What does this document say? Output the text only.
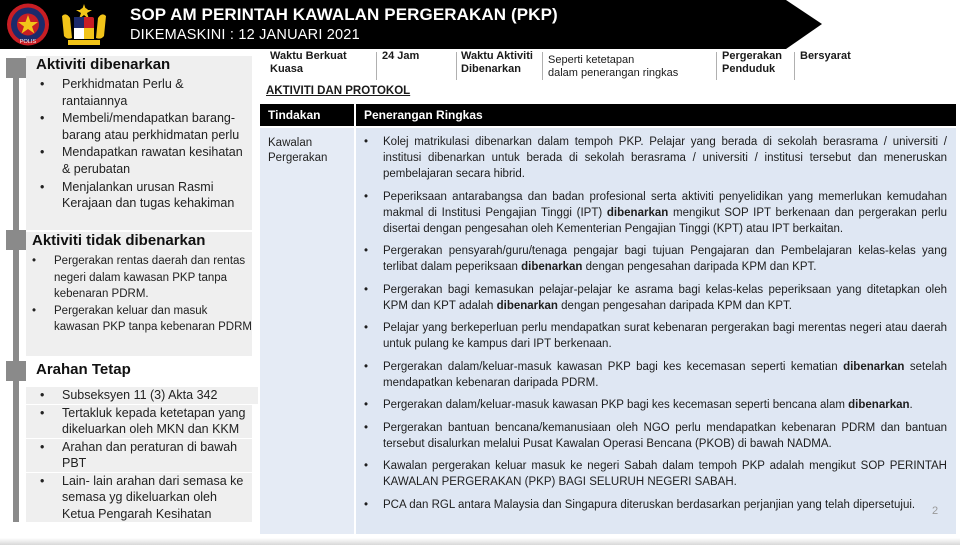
POLIS
SOP AM PERINTAH KAWALAN PERGERAKAN (PKP)
DIKEMASKINI : 12 JANUARI 2021
Aktiviti dibenarkan
• Perkhidmatan Perlu & rantaiannya
• Membeli/mendapatkan barang-barang atau perkhidmatan perlu
• Mendapatkan rawatan kesihatan & perubatan
• Menjalankan urusan Rasmi Kerajaan dan tugas kehakiman
Aktiviti tidak dibenarkan
• Pergerakan rentas daerah dan rentas negeri dalam kawasan PKP tanpa kebenaran PDRM.
• Pergerakan keluar dan masuk kawasan PKP tanpa kebenaran PDRM
Arahan Tetap
• Subseksyen 11 (3) Akta 342
• Tertakluk kepada ketetapan yang dikeluarkan oleh MKN dan KKM
• Arahan dan peraturan di bawah PBT
• Lain- lain arahan dari semasa ke semasa yg dikeluarkan oleh Ketua Pengarah Kesihatan
Waktu Berkuat
Kuasa
24 Jam	Waktu Aktiviti
Dibenarkan
Seperti ketetapan
dalam penerangan ringkas
Pergerakan
Penduduk
Bersyarat
AKTIVITI DAN PROTOKOL
Tindakan	Penerangan Ringkas
Kawalan
Pergerakan
• Kolej matrikulasi dibenarkan dalam tempoh PKP. Pelajar yang berada di sekolah berasrama / universiti / institusi dibenarkan untuk berada di sekolah berasrama / universiti / institusi tersebut dan meneruskan pembelajaran secara hibrid.
• Peperiksaan antarabangsa dan badan profesional serta aktiviti penyelidikan yang memerlukan kemudahan makmal di Institusi Pengajian Tinggi (IPT) dibenarkan mengikut SOP IPT berkenaan dan pergerakan perlu disertai dengan pengesahan oleh Kementerian Pengajian Tinggi (KPT) atau IPT berkaitan.
• Pergerakan pensyarah/guru/tenaga pengajar bagi tujuan Pengajaran dan Pembelajaran kelas-kelas yang terlibat dalam peperiksaan dibenarkan dengan pengesahan daripada KPM dan KPT.
• Pergerakan bagi kemasukan pelajar-pelajar ke asrama bagi kelas-kelas peperiksaan yang ditetapkan oleh KPM dan KPT adalah dibenarkan dengan pengesahan daripada KPM dan KPT.
• Pelajar yang berkeperluan perlu mendapatkan surat kebenaran pergerakan bagi merentas negeri atau daerah untuk pulang ke kampus dari IPT berkenaan.
• Pergerakan dalam/keluar-masuk kawasan PKP bagi kes kecemasan seperti kematian dibenarkan setelah mendapatkan kebenaran daripada PDRM.
• Pergerakan dalam/keluar-masuk kawasan PKP bagi kes kecemasan seperti bencana alam dibenarkan.
• Pergerakan bantuan bencana/kemanusiaan oleh NGO perlu mendapatkan kebenaran PDRM dan bantuan tersebut disalurkan melalui Pusat Kawalan Operasi Bencana (PKOB) di bawah NADMA.
• Kawalan pergerakan keluar masuk ke negeri Sabah dalam tempoh PKP adalah mengikut SOP PERINTAH KAWALAN PERGERAKAN (PKP) BAGI SELURUH NEGERI SABAH.
• PCA dan RGL antara Malaysia dan Singapura diteruskan berdasarkan perjanjian yang telah dipersetujui.
2
